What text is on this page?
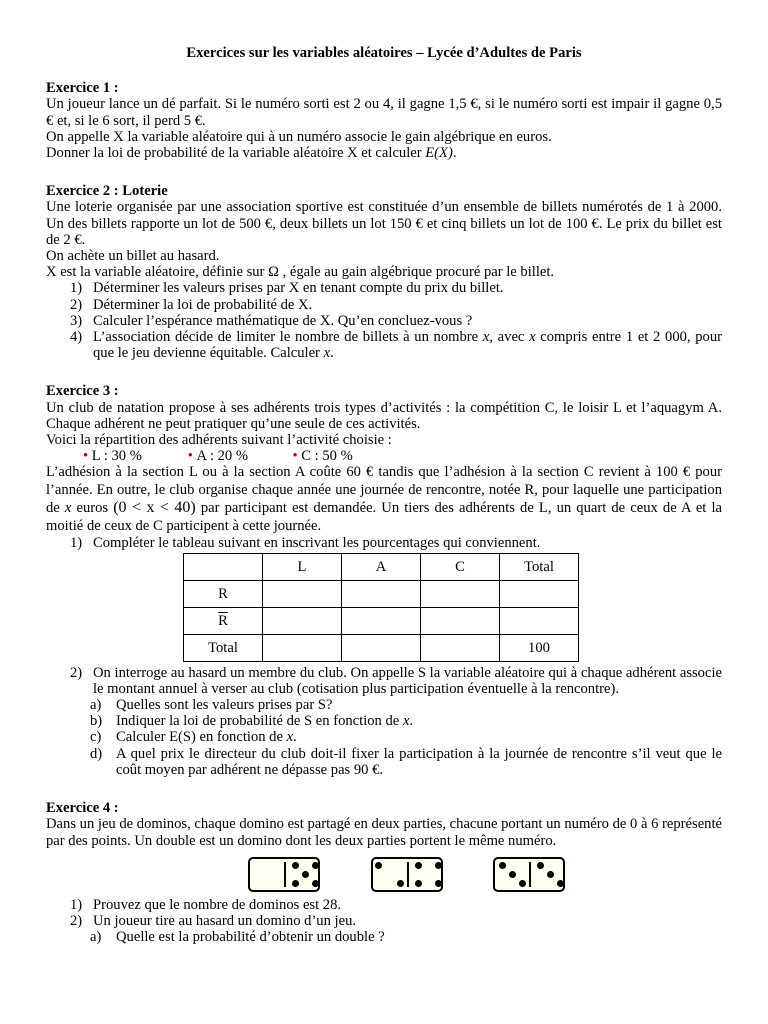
Exercices sur les variables aléatoires – Lycée d’Adultes de Paris
Exercice 1 :

Un joueur lance un dé parfait. Si le numéro sorti est 2 ou 4, il gagne 1,5 €, si le numéro sorti est impair il gagne 0,5 € et, si le 6 sort, il perd 5 €.

On appelle X la variable aléatoire qui à un numéro associe le gain algébrique en euros.

Donner la loi de probabilité de la variable aléatoire X et calculer E(X).

Exercice 2 : Loterie

Une loterie organisée par une association sportive est constituée d’un ensemble de billets numérotés de 1 à 2000. Un des billets rapporte un lot de 500 €, deux billets un lot 150 € et cinq billets un lot de 100 €. Le prix du billet est de 2 €.

On achète un billet au hasard.

X est la variable aléatoire, définie sur Ω , égale au gain algébrique procuré par le billet.

1) Déterminer les valeurs prises par X en tenant compte du prix du billet.
2) Déterminer la loi de probabilité de X.
3) Calculer l’espérance mathématique de X. Qu’en concluez-vous ?
4) L’association décide de limiter le nombre de billets à un nombre x, avec x compris entre 1 et 2 000, pour que le jeu devienne équitable. Calculer x.
Exercice 3 :

Un club de natation propose à ses adhérents trois types d’activités : la compétition C, le loisir L et l’aquagym A. Chaque adhérent ne peut pratiquer qu’une seule de ces activités.

Voici la répartition des adhérents suivant l’activité choisie :

• L : 30 %	• A : 20 %	• C : 50 %

L’adhésion à la section L ou à la section A coûte 60 € tandis que l’adhésion à la section C revient à 100 € pour l’année. En outre, le club organise chaque année une journée de rencontre, notée R, pour laquelle une participation de x euros (0 < x < 40) par participant est demandée. Un tiers des adhérents de L, un quart de ceux de A et la moitié de ceux de C participent à cette journée.

1) Compléter le tableau suivant en inscrivant les pourcentages qui conviennent.
	L	A	C	Total
R				
$\overline{R}$				
Total				100
2) On interroge au hasard un membre du club. On appelle S la variable aléatoire qui à chaque adhérent associe le montant annuel à verser au club (cotisation plus participation éventuelle à la rencontre).
a) Quelles sont les valeurs prises par S?
b) Indiquer la loi de probabilité de S en fonction de x.
c) Calculer E(S) en fonction de x.
d) A quel prix le directeur du club doit-il fixer la participation à la journée de rencontre s’il veut que le coût moyen par adhérent ne dépasse pas 90 €.
Exercice 4 :

Dans un jeu de dominos, chaque domino est partagé en deux parties, chacune portant un numéro de 0 à 6 représenté par des points. Un double est un domino dont les deux parties portent le même numéro.

1) Prouvez que le nombre de dominos est 28.
2) Un joueur tire au hasard un domino d’un jeu.
a) Quelle est la probabilité d’obtenir un double ?
